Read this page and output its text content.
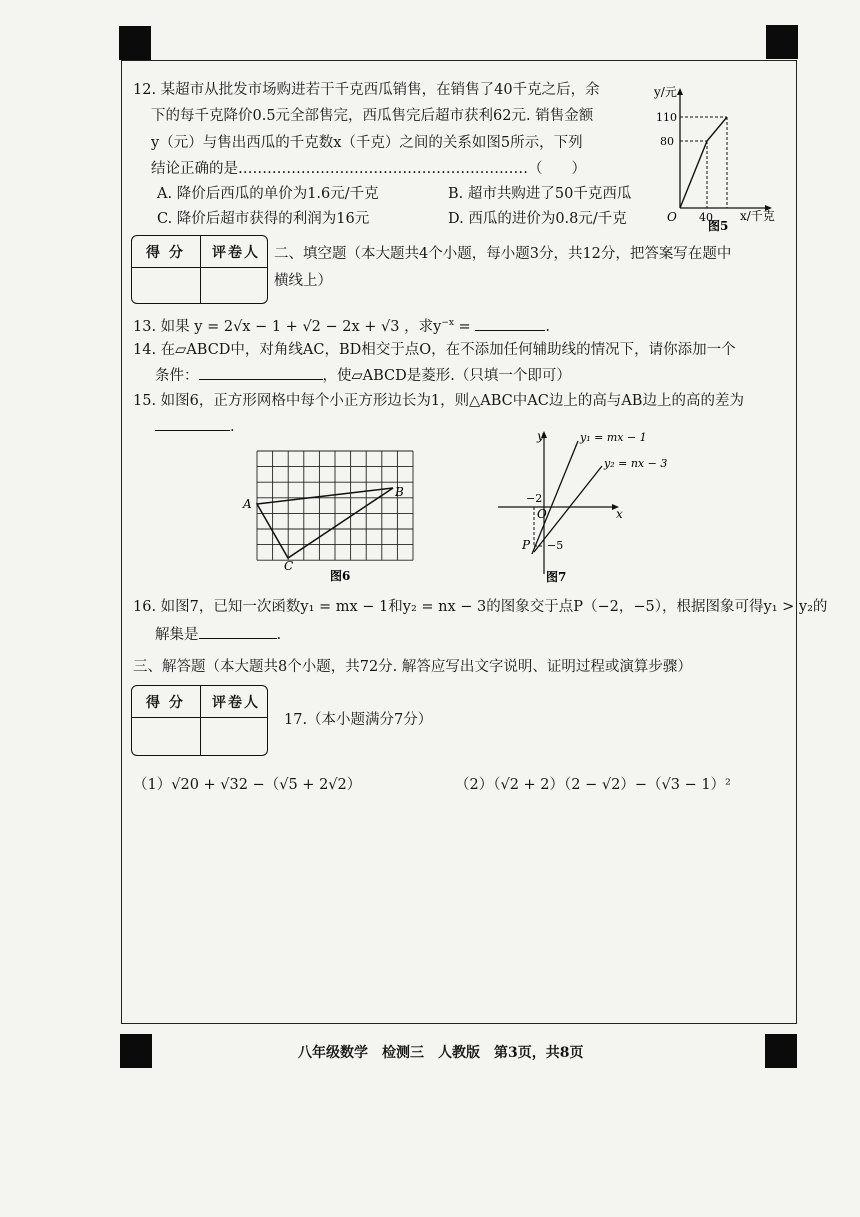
12. 某超市从批发市场购进若干千克西瓜销售，在销售了40千克之后，余
下的每千克降价0.5元全部售完，西瓜售完后超市获利62元. 销售金额
y（元）与售出西瓜的千克数x（千克）之间的关系如图5所示，下列
结论正确的是……………………………………………………（　　）
A. 降价后西瓜的单价为1.6元/千克	B. 超市共购进了50千克西瓜
C. 降价后超市获得的利润为16元	D. 西瓜的进价为0.8元/千克
y/元
110
80
O 40 x/千克
图5
得 分 评卷人 二、填空题（本大题共4个小题，每小题3分，共12分，把答案写在题中
横线上）
13. 如果 y = 2√x − 1 + √2 − 2x + √3 ，求$y^{-x}$ =	.
14. 在▱ABCD中，对角线AC，BD相交于点O，在不添加任何辅助线的情况下，请你添加一个
条件：	，使▱ABCD是菱形.（只填一个即可）
15. 如图6，正方形网格中每个小正方形边长为1，则△ABC中AC边上的高与AB边上的高的差为
.
A
B
C
图6
y
x
O
−2
−5
P
y₁ = mx − 1
y₂ = nx − 3
图7
16. 如图7，已知一次函数y₁ = mx − 1和y₂ = nx − 3的图象交于点P（−2，−5），根据图象可得y₁ > y₂的
解集是	.
三、解答题（本大题共8个小题，共72分. 解答应写出文字说明、证明过程或演算步骤）
得 分 评卷人
17.（本小题满分7分）
（1）√20 + √32 −（√5 + 2√2）	（2）（√2 + 2）（2 − √2）−（√3 − 1）²
八年级数学　检测三　人教版　第3页，共8页
